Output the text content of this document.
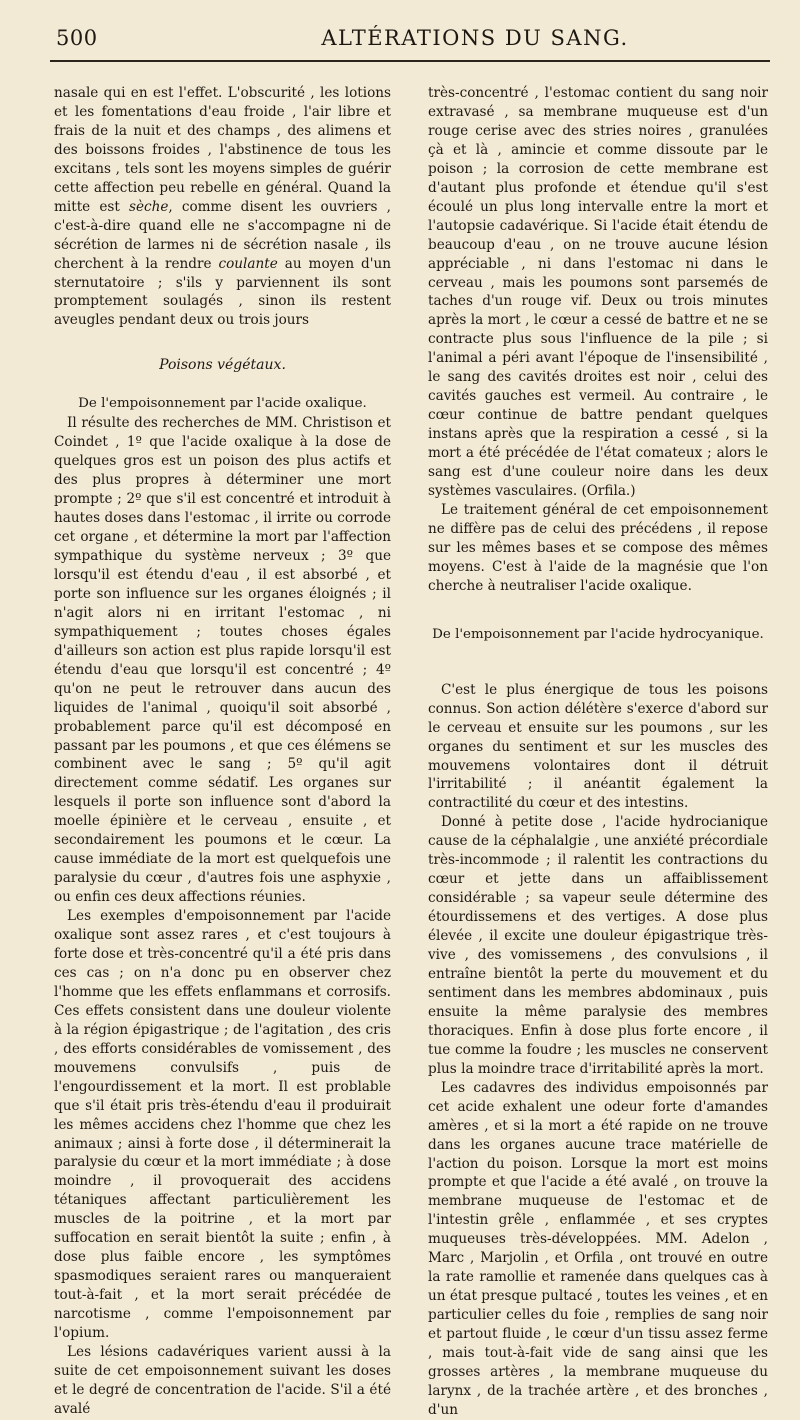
500	ALTÉRATIONS DU SANG.

nasale qui en est l'effet. L'obscurité , les lotions et les fomentations d'eau froide , l'air libre et frais de la nuit et des champs , des alimens et des boissons froides , l'abstinence de tous les excitans , tels sont les moyens simples de guérir cette affection peu rebelle en général. Quand la mitte est sèche, comme disent les ouvriers , c'est-à-dire quand elle ne s'accompagne ni de sécrétion de larmes ni de sécrétion nasale , ils cherchent à la rendre coulante au moyen d'un sternutatoire ; s'ils y parviennent ils sont promptement soulagés , sinon ils restent aveugles pendant deux ou trois jours

Poisons végétaux.

De l'empoisonnement par l'acide oxalique.

Il résulte des recherches de MM. Christison et Coindet , 1º que l'acide oxalique à la dose de quelques gros est un poison des plus actifs et des plus propres à déterminer une mort prompte ; 2º que s'il est concentré et introduit à hautes doses dans l'estomac , il irrite ou corrode cet organe , et détermine la mort par l'affection sympathique du système nerveux ; 3º que lorsqu'il est étendu d'eau , il est absorbé , et porte son influence sur les organes éloignés ; il n'agit alors ni en irritant l'estomac , ni sympathiquement ; toutes choses égales d'ailleurs son action est plus rapide lorsqu'il est étendu d'eau que lorsqu'il est concentré ; 4º qu'on ne peut le retrouver dans aucun des liquides de l'animal , quoiqu'il soit absorbé , probablement parce qu'il est décomposé en passant par les poumons , et que ces élémens se combinent avec le sang ; 5º qu'il agit directement comme sédatif. Les organes sur lesquels il porte son influence sont d'abord la moelle épinière et le cerveau , ensuite , et secondairement les poumons et le cœur. La cause immédiate de la mort est quelquefois une paralysie du cœur , d'autres fois une asphyxie , ou enfin ces deux affections réunies.

Les exemples d'empoisonnement par l'acide oxalique sont assez rares , et c'est toujours à forte dose et très-concentré qu'il a été pris dans ces cas ; on n'a donc pu en observer chez l'homme que les effets enflammans et corrosifs. Ces effets consistent dans une douleur violente à la région épigastrique ; de l'agitation , des cris , des efforts considérables de vomissement , des mouvemens convulsifs , puis de l'engourdissement et la mort. Il est problable que s'il était pris très-étendu d'eau il produirait les mêmes accidens chez l'homme que chez les animaux ; ainsi à forte dose , il déterminerait la paralysie du cœur et la mort immédiate ; à dose moindre , il provoquerait des accidens tétaniques affectant particulièrement les muscles de la poitrine , et la mort par suffocation en serait bientôt la suite ; enfin , à dose plus faible encore , les symptômes spasmodiques seraient rares ou manqueraient tout-à-fait , et la mort serait précédée de narcotisme , comme l'empoisonnement par l'opium.

Les lésions cadavériques varient aussi à la suite de cet empoisonnement suivant les doses et le degré de concentration de l'acide. S'il a été avalé

très-concentré , l'estomac contient du sang noir extravasé , sa membrane muqueuse est d'un rouge cerise avec des stries noires , granulées çà et là , amincie et comme dissoute par le poison ; la corrosion de cette membrane est d'autant plus profonde et étendue qu'il s'est écoulé un plus long intervalle entre la mort et l'autopsie cadavérique. Si l'acide était étendu de beaucoup d'eau , on ne trouve aucune lésion appréciable , ni dans l'estomac ni dans le cerveau , mais les poumons sont parsemés de taches d'un rouge vif. Deux ou trois minutes après la mort , le cœur a cessé de battre et ne se contracte plus sous l'influence de la pile ; si l'animal a péri avant l'époque de l'insensibilité , le sang des cavités droites est noir , celui des cavités gauches est vermeil. Au contraire , le cœur continue de battre pendant quelques instans après que la respiration a cessé , si la mort a été précédée de l'état comateux ; alors le sang est d'une couleur noire dans les deux systèmes vasculaires. (Orfila.)

Le traitement général de cet empoisonnement ne diffère pas de celui des précédens , il repose sur les mêmes bases et se compose des mêmes moyens. C'est à l'aide de la magnésie que l'on cherche à neutraliser l'acide oxalique.

De l'empoisonnement par l'acide hydrocyanique.

C'est le plus énergique de tous les poisons connus. Son action délétère s'exerce d'abord sur le cerveau et ensuite sur les poumons , sur les organes du sentiment et sur les muscles des mouvemens volontaires dont il détruit l'irritabilité ; il anéantit également la contractilité du cœur et des intestins.

Donné à petite dose , l'acide hydrocianique cause de la céphalalgie , une anxiété précordiale très-incommode ; il ralentit les contractions du cœur et jette dans un affaiblissement considérable ; sa vapeur seule détermine des étourdissemens et des vertiges. A dose plus élevée , il excite une douleur épigastrique très-vive , des vomissemens , des convulsions , il entraîne bientôt la perte du mouvement et du sentiment dans les membres abdominaux , puis ensuite la même paralysie des membres thoraciques. Enfin à dose plus forte encore , il tue comme la foudre ; les muscles ne conservent plus la moindre trace d'irritabilité après la mort.

Les cadavres des individus empoisonnés par cet acide exhalent une odeur forte d'amandes amères , et si la mort a été rapide on ne trouve dans les organes aucune trace matérielle de l'action du poison. Lorsque la mort est moins prompte et que l'acide a été avalé , on trouve la membrane muqueuse de l'estomac et de l'intestin grêle , enflammée , et ses cryptes muqueuses très-développées. MM. Adelon , Marc , Marjolin , et Orfila , ont trouvé en outre la rate ramollie et ramenée dans quelques cas à un état presque pultacé , toutes les veines , et en particulier celles du foie , remplies de sang noir et partout fluide , le cœur d'un tissu assez ferme , mais tout-à-fait vide de sang ainsi que les grosses artères , la membrane muqueuse du larynx , de la trachée artère , et des bronches , d'un
